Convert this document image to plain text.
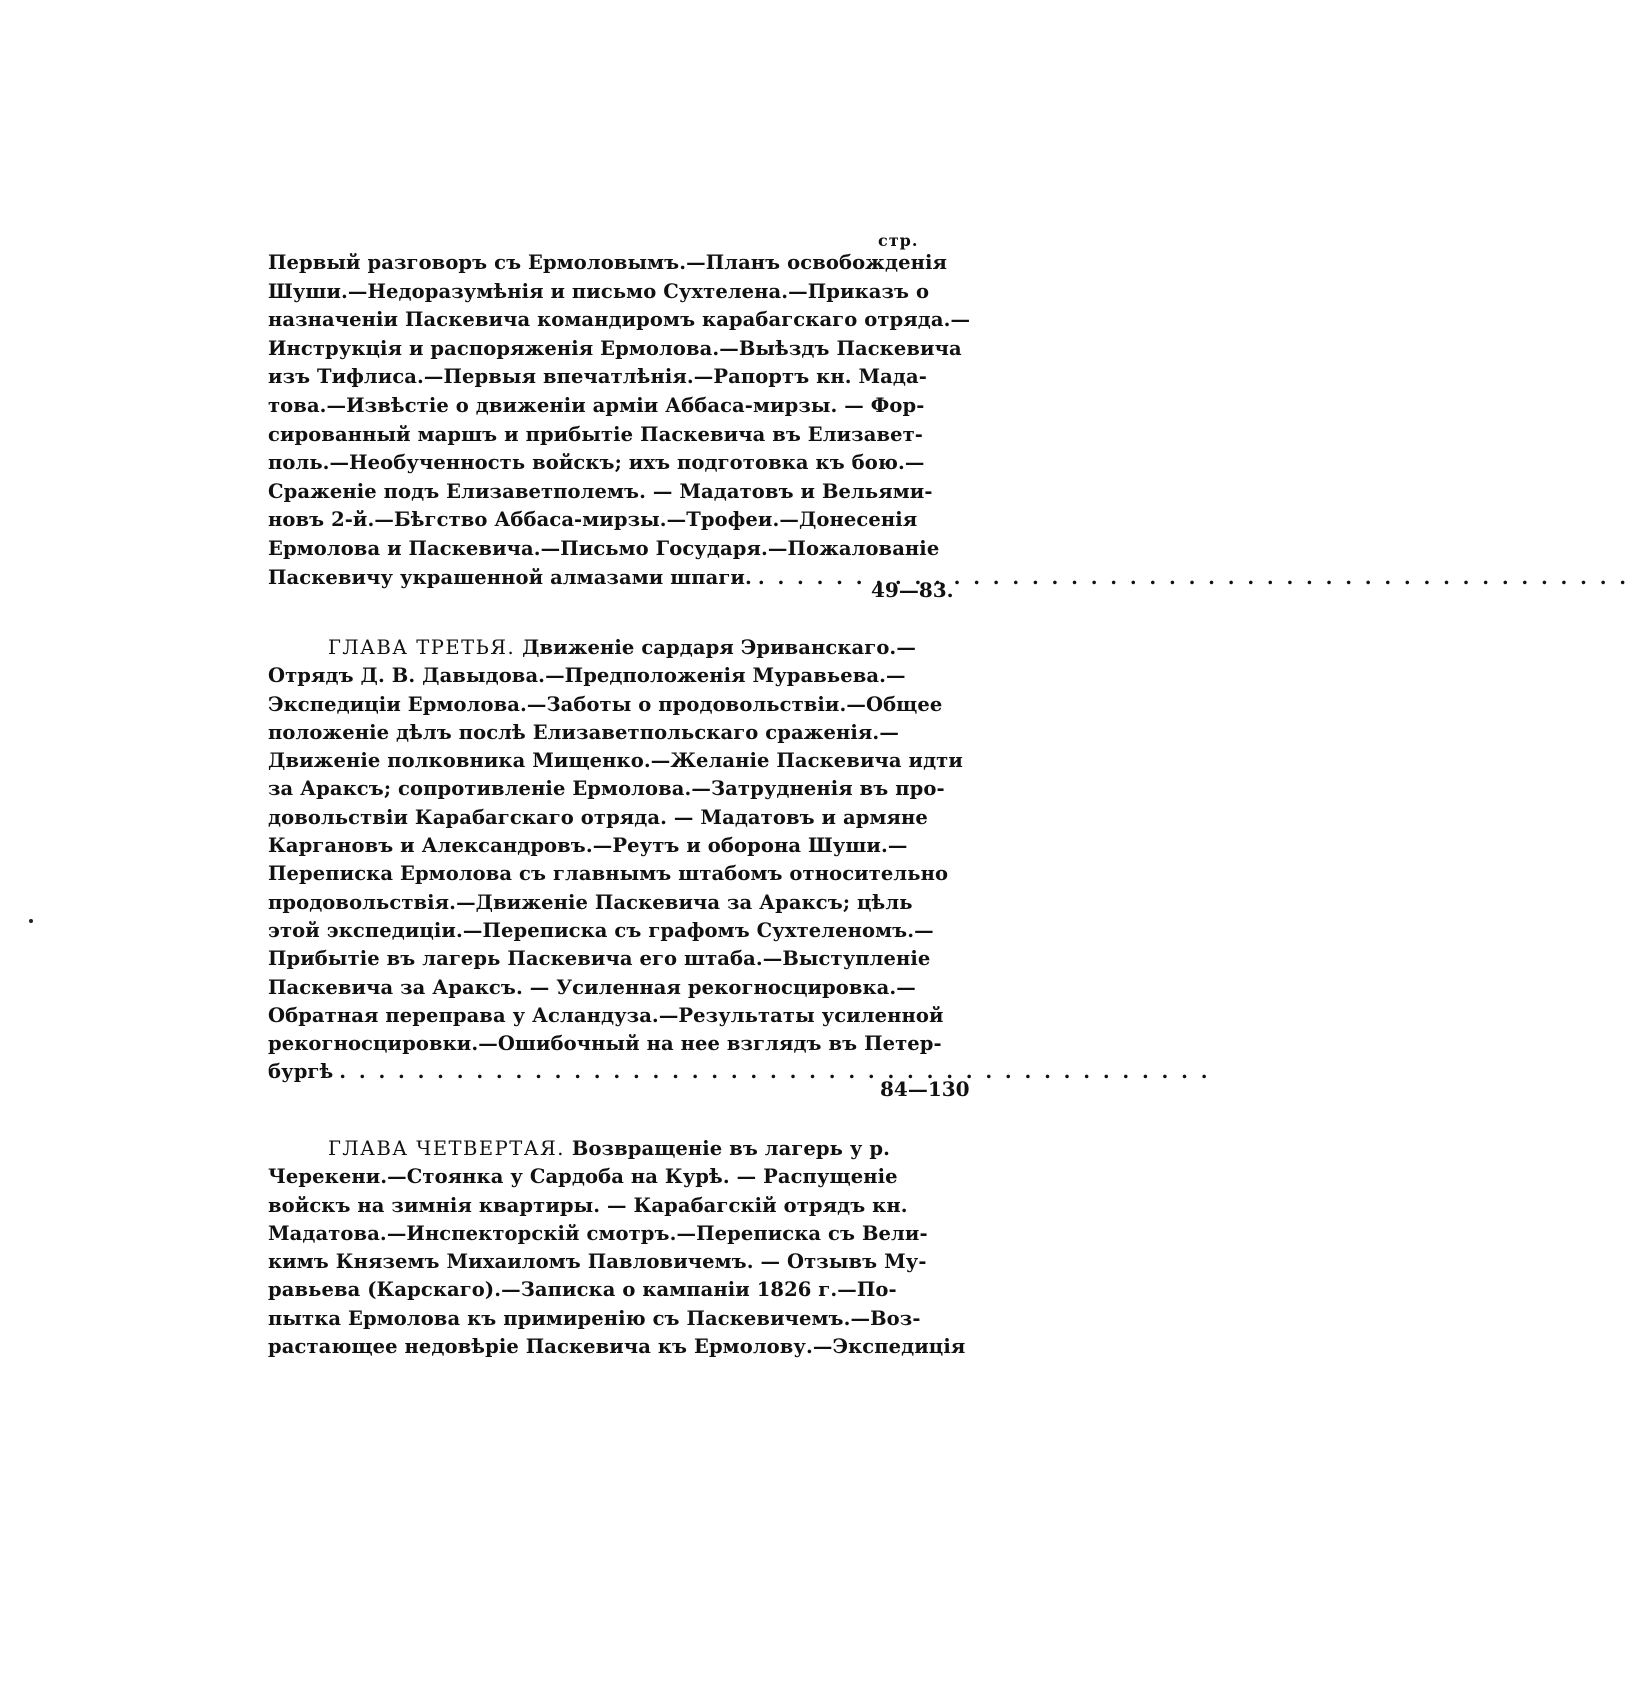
стр.
Первый разговоръ съ Ермоловымъ.—Планъ освобожденія
Шуши.—Недоразумѣнія и письмо Сухтелена.—Приказъ о
назначеніи Паскевича командиромъ карабагскаго отряда.—
Инструкція и распоряженія Ермолова.—Выѣздъ Паскевича
изъ Тифлиса.—Первыя впечатлѣнія.—Рапортъ кн. Мада-
това.—Извѣстіе о движеніи арміи Аббаса-мирзы. — Фор-
сированный маршъ и прибытіе Паскевича въ Елизавет-
поль.—Необученность войскъ; ихъ подготовка къ бою.—
Сраженіе подъ Елизаветполемъ. — Мадатовъ и Вельями-
новъ 2-й.—Бѣгство Аббаса-мирзы.—Трофеи.—Донесенія
Ермолова и Паскевича.—Письмо Государя.—Пожалованіе
Паскевичу украшенной алмазами шпаги.
. . .
49—83.
ГЛАВА ТРЕТЬЯ. Движеніе сардаря Эриванскаго.—
Отрядъ Д. В. Давыдова.—Предположенія Муравьева.—
Экспедиціи Ермолова.—Заботы о продовольствіи.—Общее
положеніе дѣлъ послѣ Елизаветпольскаго сраженія.—
Движеніе полковника Мищенко.—Желаніе Паскевича идти
за Араксъ; сопротивленіе Ермолова.—Затрудненія въ про-
довольствіи Карабагскаго отряда. — Мадатовъ и армяне
Каргановъ и Александровъ.—Реутъ и оборона Шуши.—
Переписка Ермолова съ главнымъ штабомъ относительно
продовольствія.—Движеніе Паскевича за Араксъ; цѣль
этой экспедиціи.—Переписка съ графомъ Сухтеленомъ.—
Прибытіе въ лагерь Паскевича его штаба.—Выступленіе
Паскевича за Араксъ. — Усиленная рекогносцировка.—
Обратная переправа у Асландуза.—Результаты усиленной
рекогносцировки.—Ошибочный на нее взглядъ въ Петер-
бургѣ
. . .
84—130
ГЛАВА ЧЕТВЕРТАЯ. Возвращеніе въ лагерь у р.
Черекени.—Стоянка у Сардоба на Курѣ. — Распущеніе
войскъ на зимнія квартиры. — Карабагскій отрядъ кн.
Мадатова.—Инспекторскій смотръ.—Переписка съ Вели-
кимъ Княземъ Михаиломъ Павловичемъ. — Отзывъ Му-
равьева (Карскаго).—Записка о кампаніи 1826 г.—По-
пытка Ермолова къ примиренію съ Паскевичемъ.—Воз-
растающее недовѣріе Паскевича къ Ермолову.—Экспедиція
